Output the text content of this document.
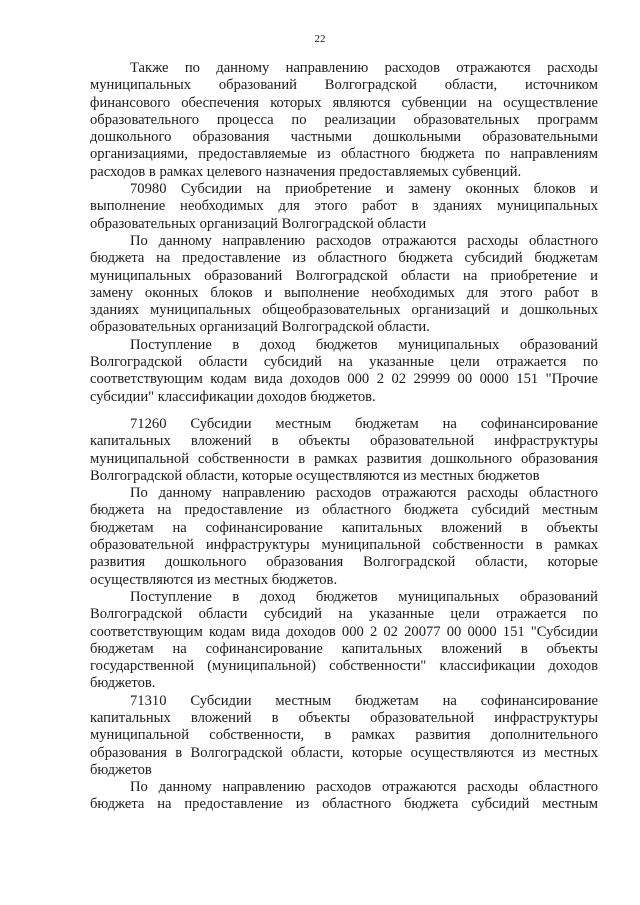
22
Также по данному направлению расходов отражаются расходы
муниципальных образований Волгоградской области, источником
финансового обеспечения которых являются субвенции на осуществление
образовательного процесса по реализации образовательных программ
дошкольного образования частными дошкольными образовательными
организациями, предоставляемые из областного бюджета по направлениям
расходов в рамках целевого назначения предоставляемых субвенций.
70980 Субсидии на приобретение и замену оконных блоков и
выполнение необходимых для этого работ в зданиях муниципальных
образовательных организаций Волгоградской области
По данному направлению расходов отражаются расходы областного
бюджета на предоставление из областного бюджета субсидий бюджетам
муниципальных образований Волгоградской области на приобретение и
замену оконных блоков и выполнение необходимых для этого работ в
зданиях муниципальных общеобразовательных организаций и дошкольных
образовательных организаций Волгоградской области.
Поступление в доход бюджетов муниципальных образований
Волгоградской области субсидий на указанные цели отражается по
соответствующим кодам вида доходов 000 2 02 29999 00 0000 151 "Прочие
субсидии" классификации доходов бюджетов.
71260 Субсидии местным бюджетам на софинансирование
капитальных вложений в объекты образовательной инфраструктуры
муниципальной собственности в рамках развития дошкольного образования
Волгоградской области, которые осуществляются из местных бюджетов
По данному направлению расходов отражаются расходы областного
бюджета на предоставление из областного бюджета субсидий местным
бюджетам на софинансирование капитальных вложений в объекты
образовательной инфраструктуры муниципальной собственности в рамках
развития дошкольного образования Волгоградской области, которые
осуществляются из местных бюджетов.
Поступление в доход бюджетов муниципальных образований
Волгоградской области субсидий на указанные цели отражается по
соответствующим кодам вида доходов 000 2 02 20077 00 0000 151 "Субсидии
бюджетам на софинансирование капитальных вложений в объекты
государственной (муниципальной) собственности" классификации доходов
бюджетов.
71310 Субсидии местным бюджетам на софинансирование
капитальных вложений в объекты образовательной инфраструктуры
муниципальной собственности, в рамках развития дополнительного
образования в Волгоградской области, которые осуществляются из местных
бюджетов
По данному направлению расходов отражаются расходы областного
бюджета на предоставление из областного бюджета субсидий местным
